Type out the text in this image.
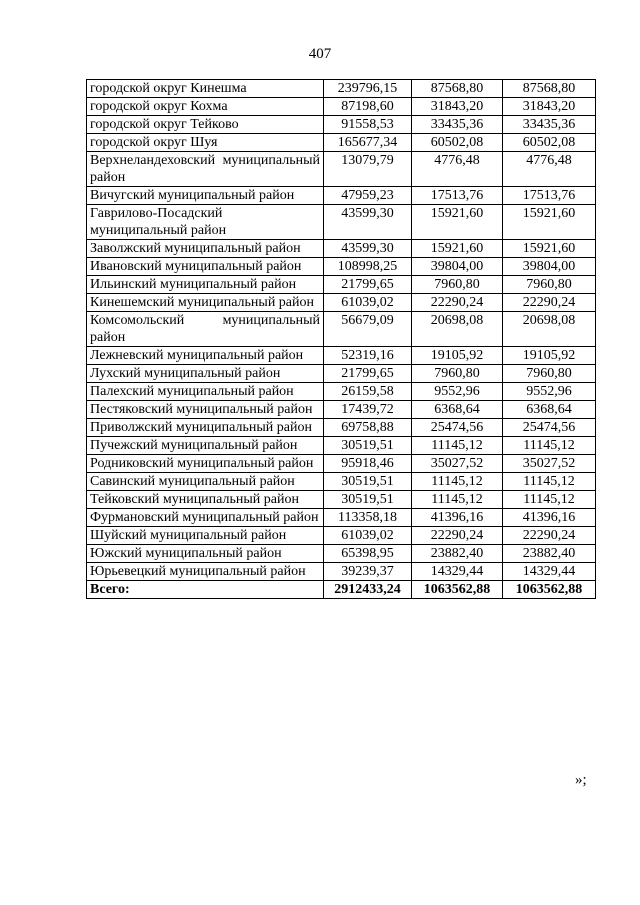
407
городской округ Кинешма	239796,15	87568,80	87568,80
городской округ Кохма	87198,60	31843,20	31843,20
городской округ Тейково	91558,53	33435,36	33435,36
городской округ Шуя	165677,34	60502,08	60502,08
Верхнеландеховский муниципальный район	13079,79	4776,48	4776,48
Вичугский муниципальный район	47959,23	17513,76	17513,76
Гаврилово-Посадский муниципальный район	43599,30	15921,60	15921,60
Заволжский муниципальный район	43599,30	15921,60	15921,60
Ивановский муниципальный район	108998,25	39804,00	39804,00
Ильинский муниципальный район	21799,65	7960,80	7960,80
Кинешемский муниципальный район	61039,02	22290,24	22290,24
Комсомольский муниципальный район	56679,09	20698,08	20698,08
Лежневский муниципальный район	52319,16	19105,92	19105,92
Лухский муниципальный район	21799,65	7960,80	7960,80
Палехский муниципальный район	26159,58	9552,96	9552,96
Пестяковский муниципальный район	17439,72	6368,64	6368,64
Приволжский муниципальный район	69758,88	25474,56	25474,56
Пучежский муниципальный район	30519,51	11145,12	11145,12
Родниковский муниципальный район	95918,46	35027,52	35027,52
Савинский муниципальный район	30519,51	11145,12	11145,12
Тейковский муниципальный район	30519,51	11145,12	11145,12
Фурмановский муниципальный район	113358,18	41396,16	41396,16
Шуйский муниципальный район	61039,02	22290,24	22290,24
Южский муниципальный район	65398,95	23882,40	23882,40
Юрьевецкий муниципальный район	39239,37	14329,44	14329,44
Всего:	2912433,24	1063562,88	1063562,88
»;
